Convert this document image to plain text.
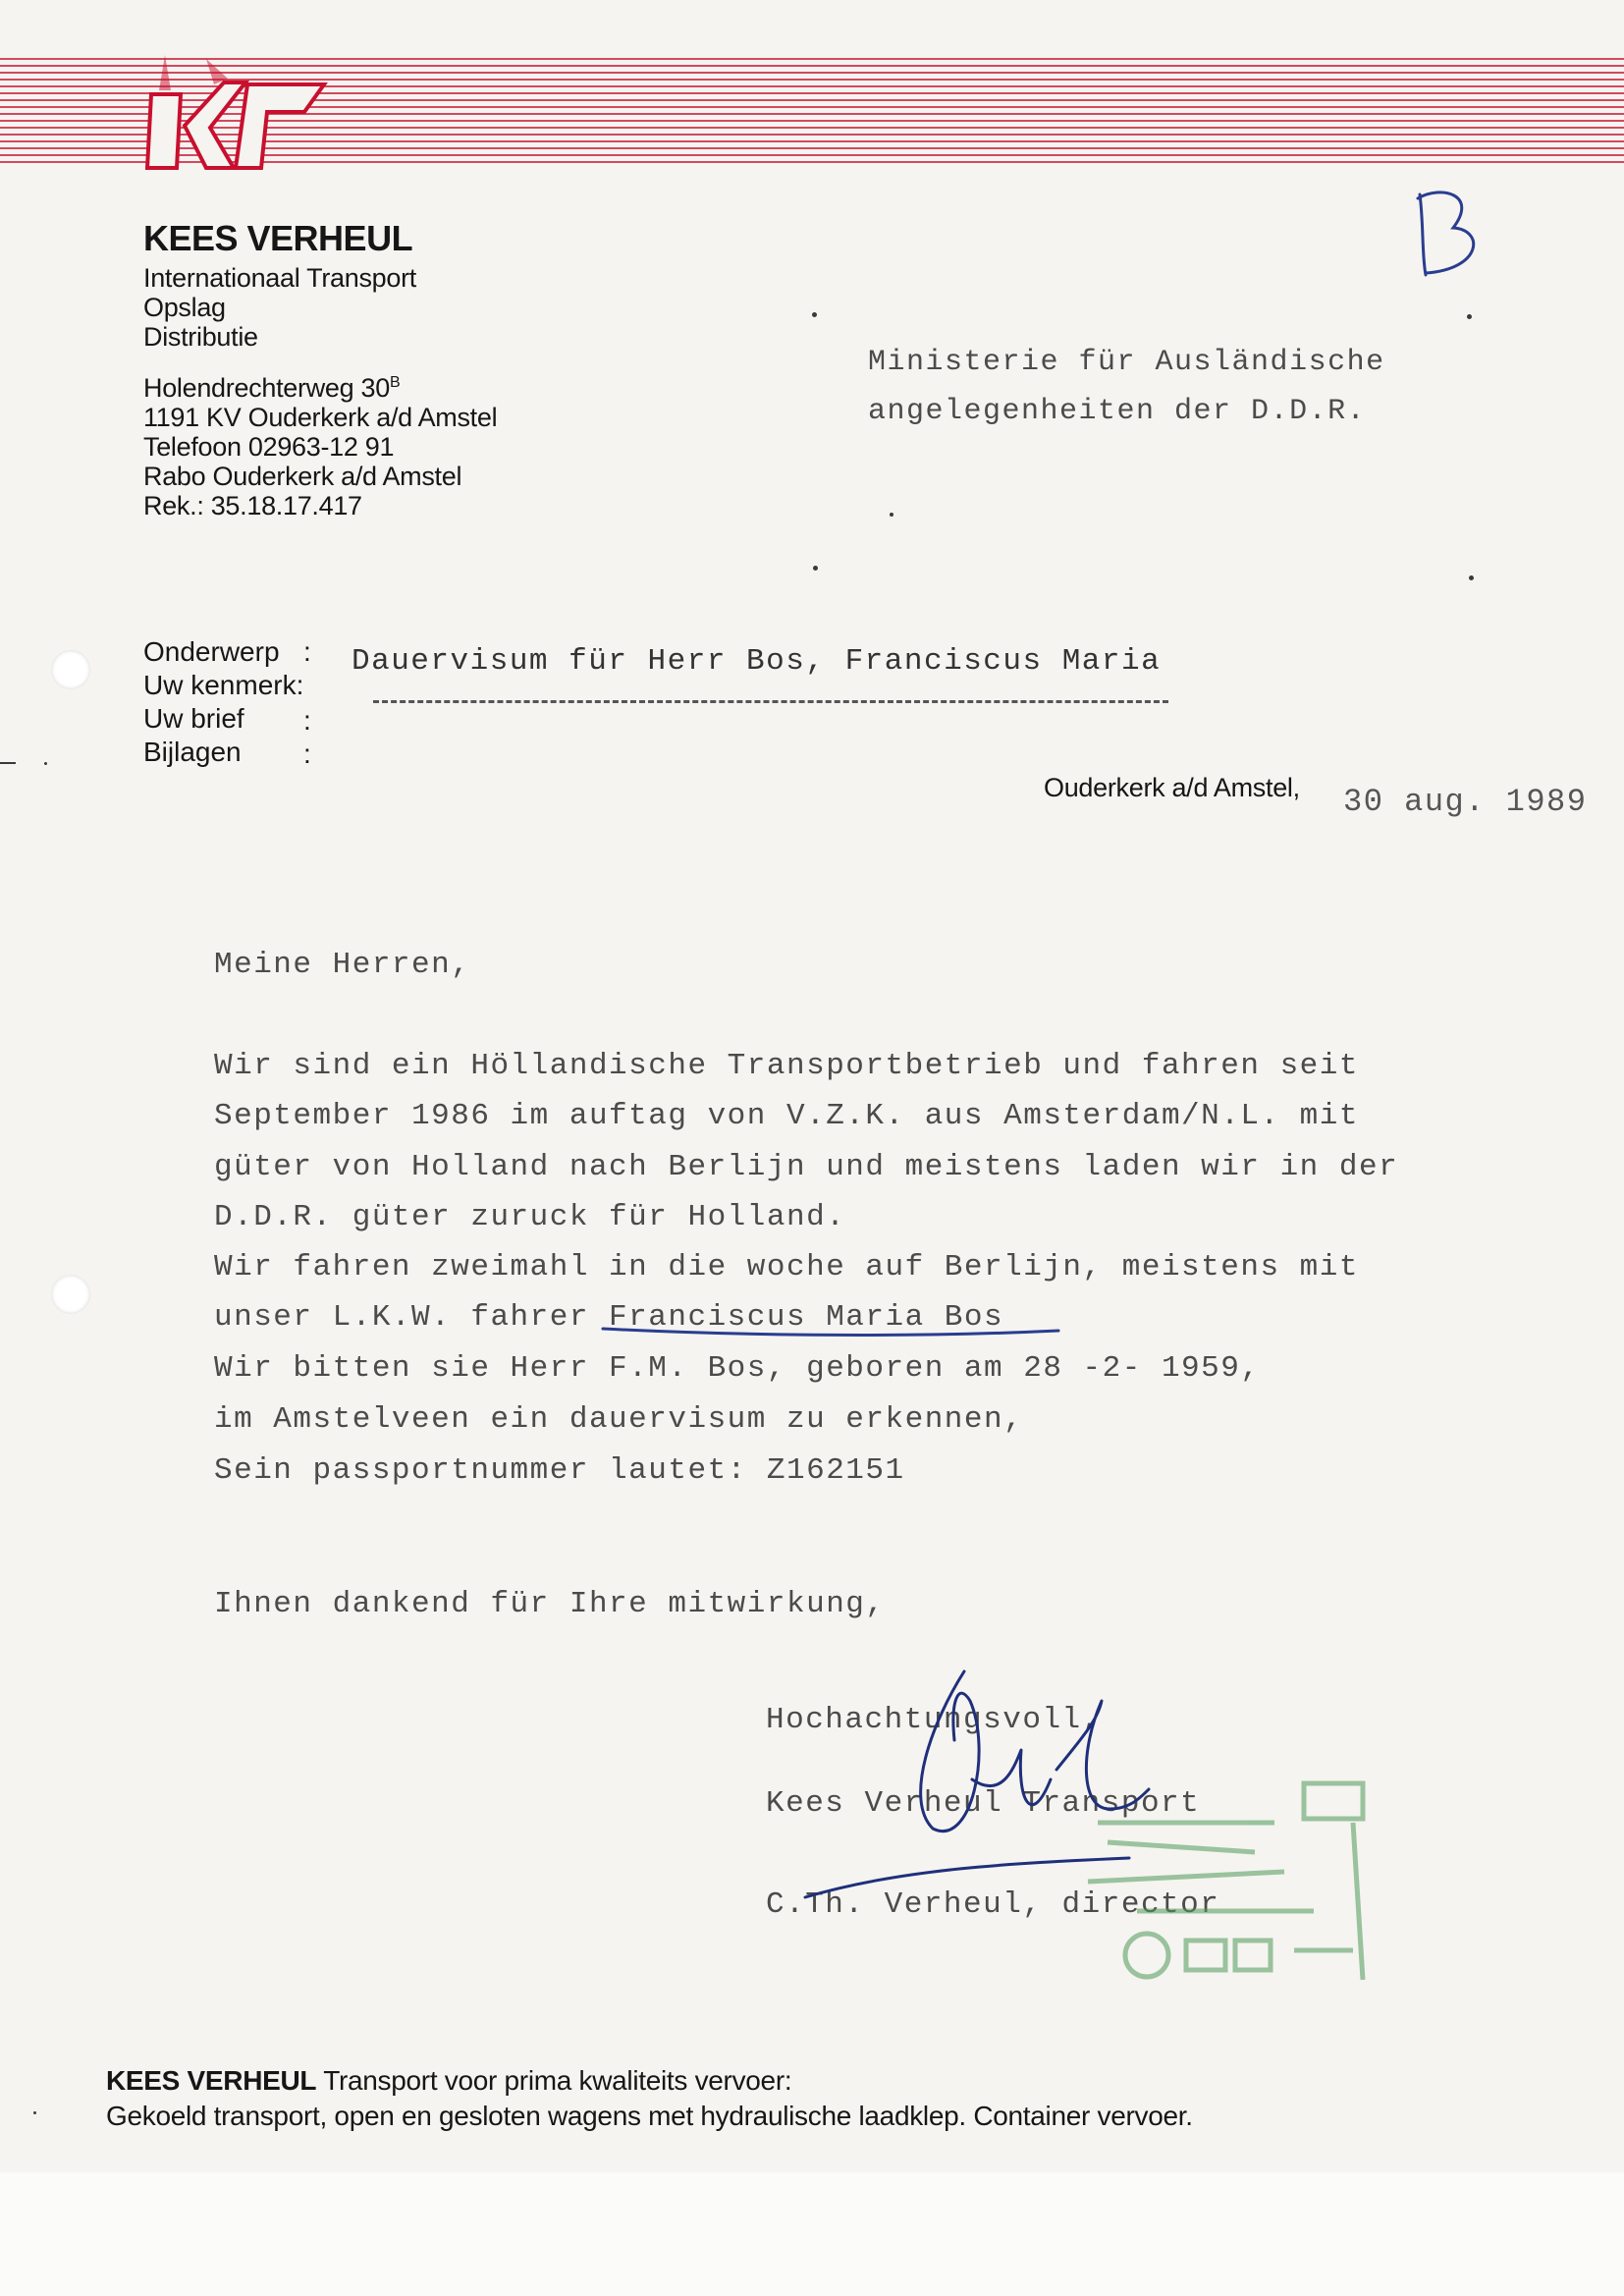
KEES VERHEUL
Internationaal Transport
Opslag
Distributie
Holendrechterweg $30^B$
1191 KV Ouderkerk a/d Amstel
Telefoon 02963-12 91
Rabo Ouderkerk a/d Amstel
Rek.: 35.18.17.417
Ministerie für Ausländische
angelegenheiten der D.D.R.
Onderwerp :
Uw kenmerk:
Uw brief :
Bijlagen :
Dauervisum für Herr Bos, Franciscus Maria
Ouderkerk a/d Amstel, 30 aug. 1989
Meine Herren,
Wir sind ein Höllandische Transportbetrieb und fahren seit
September 1986 im auftag von V.Z.K. aus Amsterdam/N.L. mit
güter von Holland nach Berlijn und meistens laden wir in der
D.D.R. güter zuruck für Holland.
Wir fahren zweimahl in die woche auf Berlijn, meistens mit
unser L.K.W. fahrer Franciscus Maria Bos
Wir bitten sie Herr F.M. Bos, geboren am 28 -2- 1959,
im Amstelveen ein dauervisum zu erkennen,
Sein passportnummer lautet: Z162151
Ihnen dankend für Ihre mitwirkung,
Hochachtungsvoll,
Kees Verheul Transport
C.Th. Verheul, director
KEES VERHEUL Transport voor prima kwaliteits vervoer:
Gekoeld transport, open en gesloten wagens met hydraulische laadklep. Container vervoer.
